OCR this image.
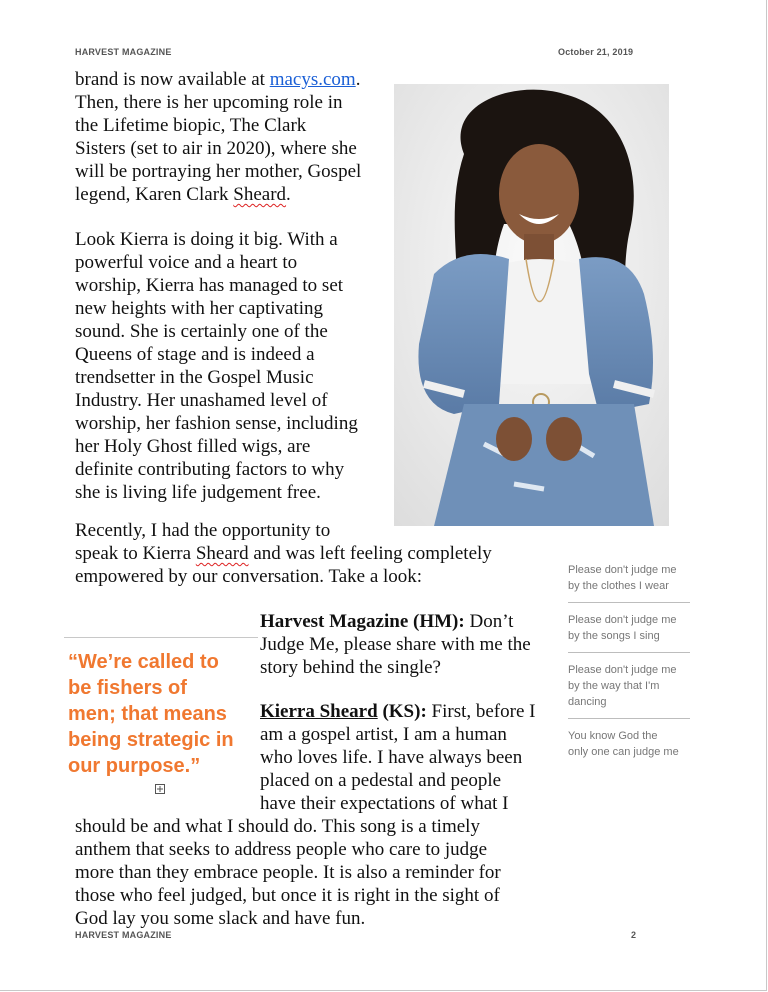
HARVEST MAGAZINE	October 21, 2019
brand is now available at macys.com.
Then, there is her upcoming role in
the Lifetime biopic, The Clark
Sisters (set to air in 2020), where she
will be portraying her mother, Gospel
legend, Karen Clark Sheard.
Look Kierra is doing it big. With a
powerful voice and a heart to
worship, Kierra has managed to set
new heights with her captivating
sound. She is certainly one of the
Queens of stage and is indeed a
trendsetter in the Gospel Music
Industry. Her unashamed level of
worship, her fashion sense, including
her Holy Ghost filled wigs, are
definite contributing factors to why
she is living life judgement free.
Recently, I had the opportunity to
speak to Kierra Sheard and was left feeling completely
empowered by our conversation. Take a look:
Harvest Magazine (HM): Don’t
Judge Me, please share with me the
story behind the single?
Kierra Sheard (KS): First, before I
am a gospel artist, I am a human
who loves life. I have always been
placed on a pedestal and people
have their expectations of what I
should be and what I should do. This song is a timely
anthem that seeks to address people who care to judge
more than they embrace people. It is also a reminder for
those who feel judged, but once it is right in the sight of
God lay you some slack and have fun.
“We’re called to
be fishers of
men; that means
being strategic in
our purpose.”
Please don't judge me
by the clothes I wear
Please don't judge me
by the songs I sing
Please don't judge me
by the way that I'm
dancing
You know God the
only one can judge me
HARVEST MAGAZINE	2
